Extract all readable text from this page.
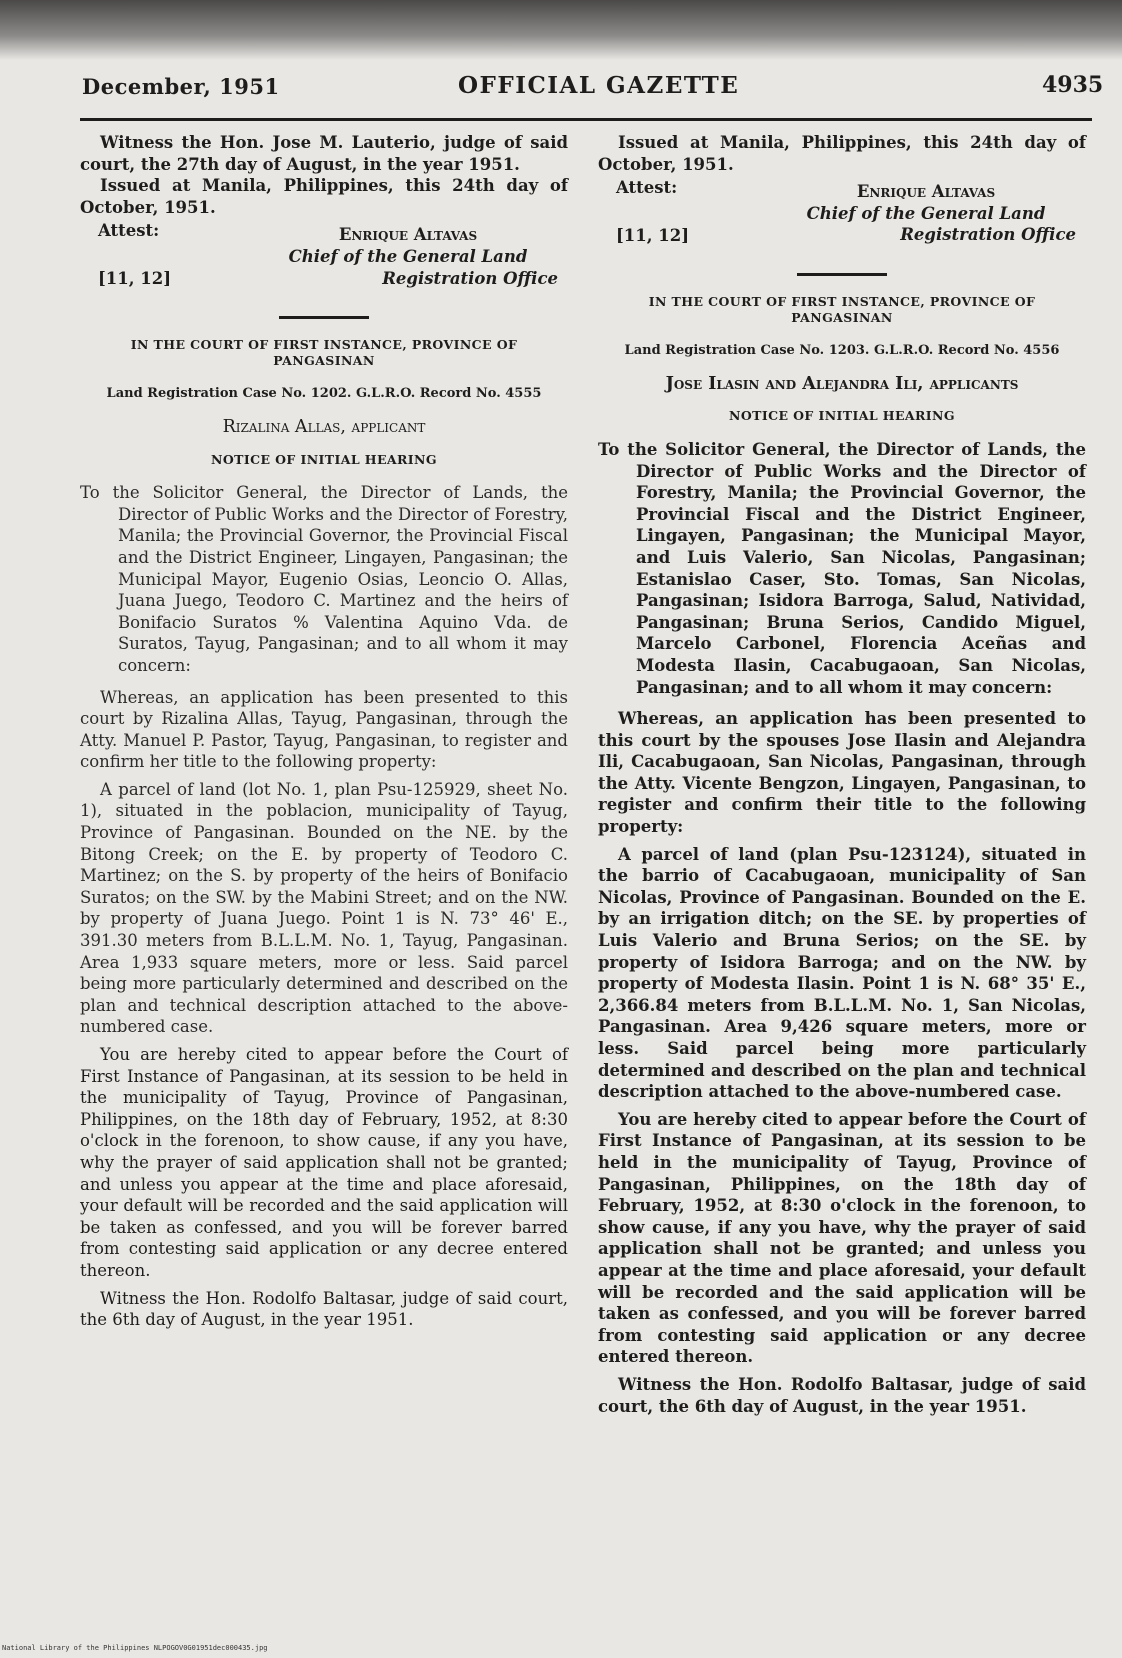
December, 1951	OFFICIAL GAZETTE	4935

Witness the Hon. Jose M. Lauterio, judge of said court, the 27th day of August, in the year 1951.

Issued at Manila, Philippines, this 24th day of October, 1951.

Attest:
[11, 12]
Enrique Altavas
Chief of the General Land
Registration Office
IN THE COURT OF FIRST INSTANCE, PROVINCE OF PANGASINAN
Land Registration Case No. 1202. G.L.R.O. Record No. 4555
Rizalina Allas, applicant
NOTICE OF INITIAL HEARING

To the Solicitor General, the Director of Lands, the Director of Public Works and the Director of Forestry, Manila; the Provincial Governor, the Provincial Fiscal and the District Engineer, Lingayen, Pangasinan; the Municipal Mayor, Eugenio Osias, Leoncio O. Allas, Juana Juego, Teodoro C. Martinez and the heirs of Bonifacio Suratos % Valentina Aquino Vda. de Suratos, Tayug, Pangasinan; and to all whom it may concern:

Whereas, an application has been presented to this court by Rizalina Allas, Tayug, Pangasinan, through the Atty. Manuel P. Pastor, Tayug, Pangasinan, to register and confirm her title to the following property:

A parcel of land (lot No. 1, plan Psu-125929, sheet No. 1), situated in the poblacion, municipality of Tayug, Province of Pangasinan. Bounded on the NE. by the Bitong Creek; on the E. by property of Teodoro C. Martinez; on the S. by property of the heirs of Bonifacio Suratos; on the SW. by the Mabini Street; and on the NW. by property of Juana Juego. Point 1 is N. 73° 46' E., 391.30 meters from B.L.L.M. No. 1, Tayug, Pangasinan. Area 1,933 square meters, more or less. Said parcel being more particularly determined and described on the plan and technical description attached to the above-numbered case.

You are hereby cited to appear before the Court of First Instance of Pangasinan, at its session to be held in the municipality of Tayug, Province of Pangasinan, Philippines, on the 18th day of February, 1952, at 8:30 o'clock in the forenoon, to show cause, if any you have, why the prayer of said application shall not be granted; and unless you appear at the time and place aforesaid, your default will be recorded and the said application will be taken as confessed, and you will be forever barred from contesting said application or any decree entered thereon.

Witness the Hon. Rodolfo Baltasar, judge of said court, the 6th day of August, in the year 1951.

Issued at Manila, Philippines, this 24th day of October, 1951.

Attest:
[11, 12]
Enrique Altavas
Chief of the General Land
Registration Office
IN THE COURT OF FIRST INSTANCE, PROVINCE OF PANGASINAN
Land Registration Case No. 1203. G.L.R.O. Record No. 4556
Jose Ilasin and Alejandra Ili, applicants
NOTICE OF INITIAL HEARING

To the Solicitor General, the Director of Lands, the Director of Public Works and the Director of Forestry, Manila; the Provincial Governor, the Provincial Fiscal and the District Engineer, Lingayen, Pangasinan; the Municipal Mayor, and Luis Valerio, San Nicolas, Pangasinan; Estanislao Caser, Sto. Tomas, San Nicolas, Pangasinan; Isidora Barroga, Salud, Natividad, Pangasinan; Bruna Serios, Candido Miguel, Marcelo Carbonel, Florencia Aceñas and Modesta Ilasin, Cacabugaoan, San Nicolas, Pangasinan; and to all whom it may concern:

Whereas, an application has been presented to this court by the spouses Jose Ilasin and Alejandra Ili, Cacabugaoan, San Nicolas, Pangasinan, through the Atty. Vicente Bengzon, Lingayen, Pangasinan, to register and confirm their title to the following property:

A parcel of land (plan Psu-123124), situated in the barrio of Cacabugaoan, municipality of San Nicolas, Province of Pangasinan. Bounded on the E. by an irrigation ditch; on the SE. by properties of Luis Valerio and Bruna Serios; on the SE. by property of Isidora Barroga; and on the NW. by property of Modesta Ilasin. Point 1 is N. 68° 35' E., 2,366.84 meters from B.L.L.M. No. 1, San Nicolas, Pangasinan. Area 9,426 square meters, more or less. Said parcel being more particularly determined and described on the plan and technical description attached to the above-numbered case.

You are hereby cited to appear before the Court of First Instance of Pangasinan, at its session to be held in the municipality of Tayug, Province of Pangasinan, Philippines, on the 18th day of February, 1952, at 8:30 o'clock in the forenoon, to show cause, if any you have, why the prayer of said application shall not be granted; and unless you appear at the time and place aforesaid, your default will be recorded and the said application will be taken as confessed, and you will be forever barred from contesting said application or any decree entered thereon.

Witness the Hon. Rodolfo Baltasar, judge of said court, the 6th day of August, in the year 1951.

National Library of the Philippines NLPOGOV0G01951dec000435.jpg
